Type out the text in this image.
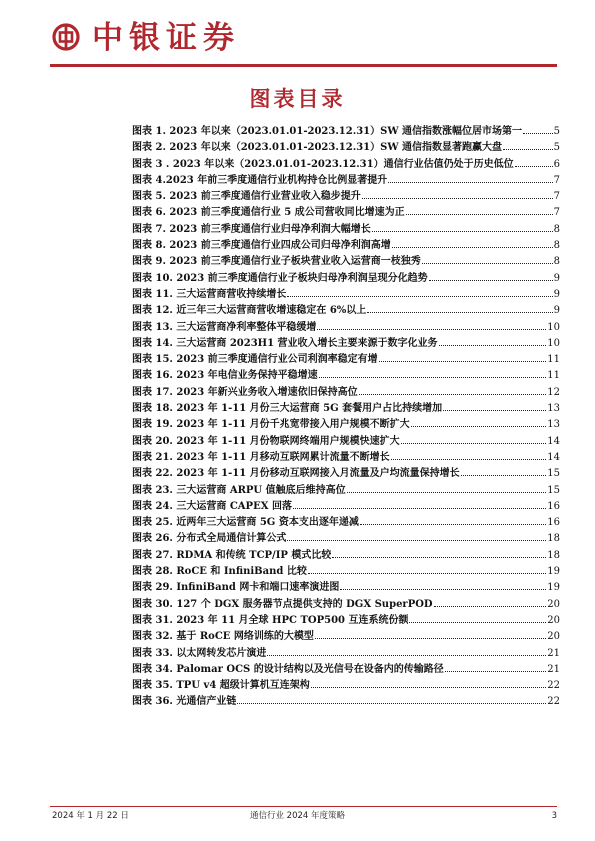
中银证券
图表目录
图表 1. 2023 年以来（2023.01.01-2023.12.31）SW 通信指数涨幅位居市场第一	5
图表 2. 2023 年以来（2023.01.01-2023.12.31）SW 通信指数显著跑赢大盘	5
图表 3 . 2023 年以来（2023.01.01-2023.12.31）通信行业估值仍处于历史低位	6
图表 4.2023 年前三季度通信行业机构持仓比例显著提升	7
图表 5. 2023 前三季度通信行业营业收入稳步提升	7
图表 6. 2023 前三季度通信行业 5 成公司营收同比增速为正	7
图表 7. 2023 前三季度通信行业归母净利润大幅增长	8
图表 8. 2023 前三季度通信行业四成公司归母净利润高增	8
图表 9. 2023 前三季度通信行业子板块营业收入运营商一枝独秀	8
图表 10. 2023 前三季度通信行业子板块归母净利润呈现分化趋势	9
图表 11. 三大运营商营收持续增长	9
图表 12. 近三年三大运营商营收增速稳定在 6%以上	9
图表 13. 三大运营商净利率整体平稳缓增	10
图表 14. 三大运营商 2023H1 营业收入增长主要来源于数字化业务	10
图表 15. 2023 前三季度通信行业公司利润率稳定有增	11
图表 16. 2023 年电信业务保持平稳增速	11
图表 17. 2023 年新兴业务收入增速依旧保持高位	12
图表 18. 2023 年 1-11 月份三大运营商 5G 套餐用户占比持续增加	13
图表 19. 2023 年 1-11 月份千兆宽带接入用户规模不断扩大	13
图表 20. 2023 年 1-11 月份物联网终端用户规模快速扩大	14
图表 21. 2023 年 1-11 月移动互联网累计流量不断增长	14
图表 22. 2023 年 1-11 月份移动互联网接入月流量及户均流量保持增长	15
图表 23. 三大运营商 ARPU 值触底后维持高位	15
图表 24. 三大运营商 CAPEX 回落	16
图表 25. 近两年三大运营商 5G 资本支出逐年递减	16
图表 26. 分布式全局通信计算公式	18
图表 27. RDMA 和传统 TCP/IP 模式比较	18
图表 28. RoCE 和 InfiniBand 比较	19
图表 29. InfiniBand 网卡和端口速率演进图	19
图表 30. 127 个 DGX 服务器节点提供支持的 DGX SuperPOD	20
图表 31. 2023 年 11 月全球 HPC TOP500 互连系统份额	20
图表 32. 基于 RoCE 网络训练的大模型	20
图表 33. 以太网转发芯片演进	21
图表 34. Palomar OCS 的设计结构以及光信号在设备内的传输路径	21
图表 35. TPU v4 超级计算机互连架构	22
图表 36. 光通信产业链	22
2024 年 1 月 22 日	通信行业 2024 年度策略	3
